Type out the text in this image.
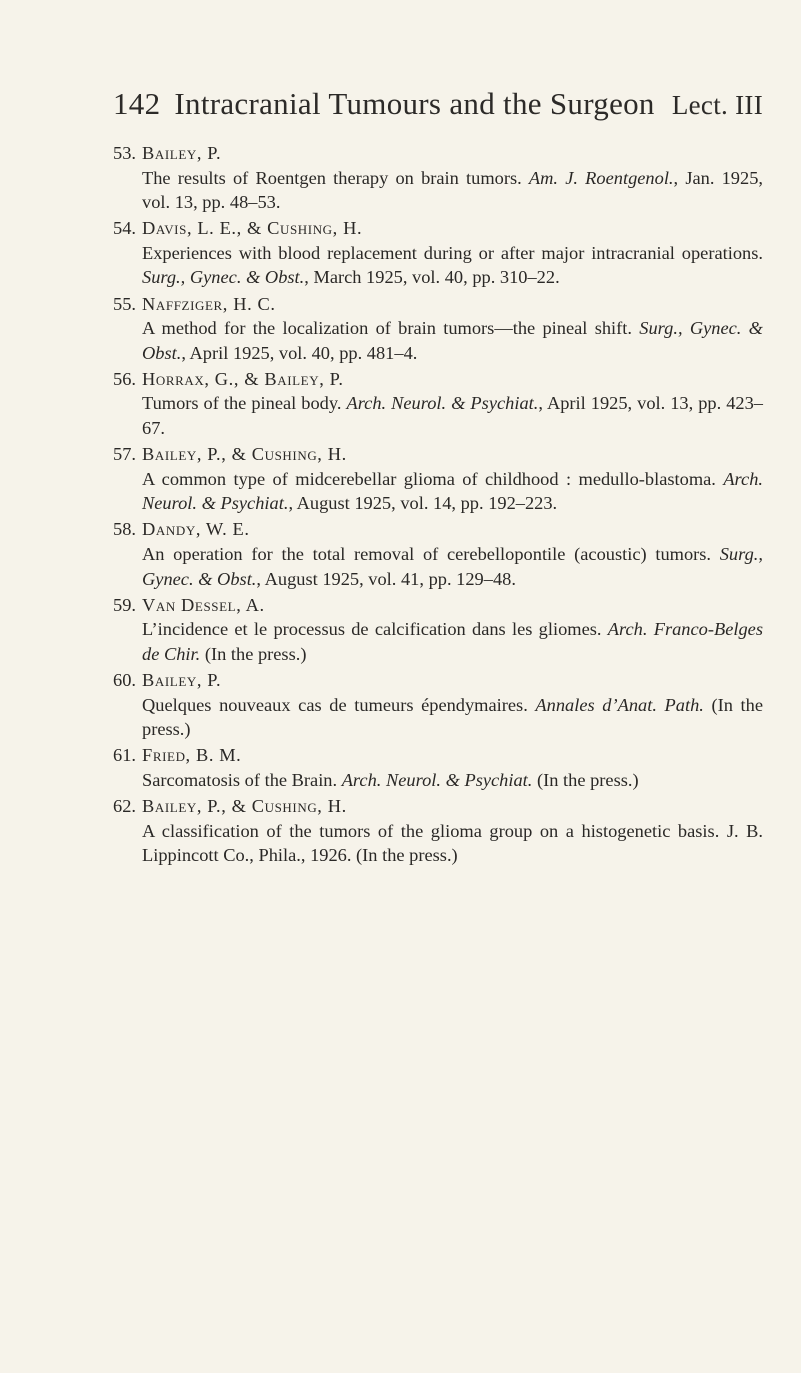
142 Intracranial Tumours and the Surgeon Lect. III
53. Bailey, P.
The results of Roentgen therapy on brain tumors. Am. J. Roentgenol., Jan. 1925, vol. 13, pp. 48–53.
54. Davis, L. E., & Cushing, H.
Experiences with blood replacement during or after major intracranial operations. Surg., Gynec. & Obst., March 1925, vol. 40, pp. 310–22.
55. Naffziger, H. C.
A method for the localization of brain tumors—the pineal shift. Surg., Gynec. & Obst., April 1925, vol. 40, pp. 481–4.
56. Horrax, G., & Bailey, P.
Tumors of the pineal body. Arch. Neurol. & Psychiat., April 1925, vol. 13, pp. 423–67.
57. Bailey, P., & Cushing, H.
A common type of midcerebellar glioma of childhood : medullo-blastoma. Arch. Neurol. & Psychiat., August 1925, vol. 14, pp. 192–223.
58. Dandy, W. E.
An operation for the total removal of cerebellopontile (acoustic) tumors. Surg., Gynec. & Obst., August 1925, vol. 41, pp. 129–48.
59. Van Dessel, A.
L’incidence et le processus de calcification dans les gliomes. Arch. Franco-Belges de Chir. (In the press.)
60. Bailey, P.
Quelques nouveaux cas de tumeurs épendymaires. Annales d’Anat. Path. (In the press.)
61. Fried, B. M.
Sarcomatosis of the Brain. Arch. Neurol. & Psychiat. (In the press.)
62. Bailey, P., & Cushing, H.
A classification of the tumors of the glioma group on a histogenetic basis. J. B. Lippincott Co., Phila., 1926. (In the press.)
